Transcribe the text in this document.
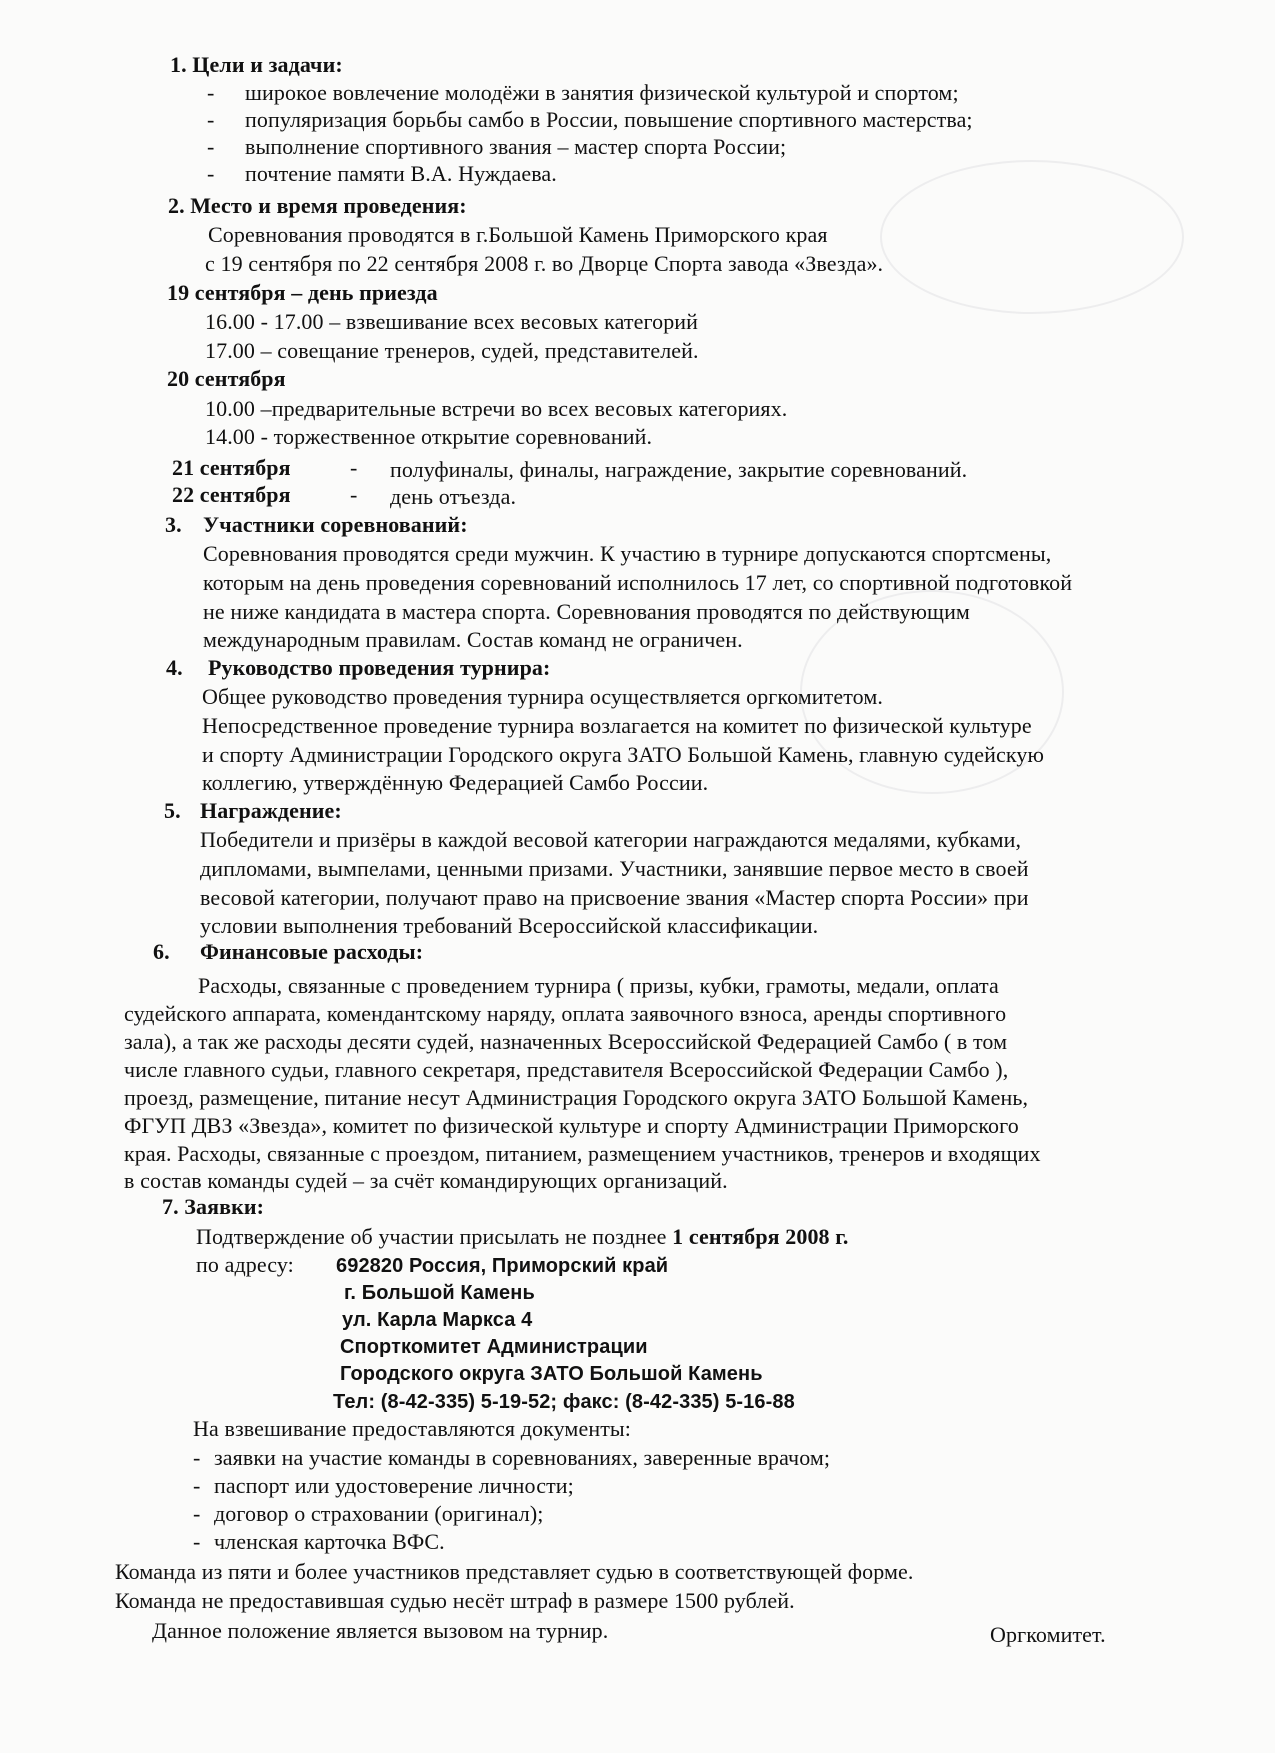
1. Цели и задачи:
- широкое вовлечение молодёжи в занятия физической культурой и спортом;
- популяризация борьбы самбо в России, повышение спортивного мастерства;
- выполнение спортивного звания – мастер спорта России;
- почтение памяти В.А. Нуждаева.
2. Место и время проведения:
Соревнования проводятся в г.Большой Камень Приморского края
с 19 сентября по 22 сентября 2008 г. во Дворце Спорта завода «Звезда».
19 сентября – день приезда
16.00 - 17.00 – взвешивание всех весовых категорий
17.00 – совещание тренеров, судей, представителей.
20 сентября
10.00 –предварительные встречи во всех весовых категориях.
14.00 - торжественное открытие соревнований.
21 сентября	- полуфиналы, финалы, награждение, закрытие соревнований.
22 сентября	- день отъезда.
3. Участники соревнований:
Соревнования проводятся среди мужчин. К участию в турнире допускаются спортсмены,
которым на день проведения соревнований исполнилось 17 лет, со спортивной подготовкой
не ниже кандидата в мастера спорта. Соревнования проводятся по действующим
международным правилам. Состав команд не ограничен.
4. Руководство проведения турнира:
Общее руководство проведения турнира осуществляется оргкомитетом.
Непосредственное проведение турнира возлагается на комитет по физической культуре
и спорту Администрации Городского округа ЗАТО Большой Камень, главную судейскую
коллегию, утверждённую Федерацией Самбо России.
5. Награждение:
Победители и призёры в каждой весовой категории награждаются медалями, кубками,
дипломами, вымпелами, ценными призами. Участники, занявшие первое место в своей
весовой категории, получают право на присвоение звания «Мастер спорта России» при
условии выполнения требований Всероссийской классификации.
6. Финансовые расходы:
Расходы, связанные с проведением турнира ( призы, кубки, грамоты, медали, оплата
судейского аппарата, комендантскому наряду, оплата заявочного взноса, аренды спортивного
зала), а так же расходы десяти судей, назначенных Всероссийской Федерацией Самбо ( в том
числе главного судьи, главного секретаря, представителя Всероссийской Федерации Самбо ),
проезд, размещение, питание несут Администрация Городского округа ЗАТО Большой Камень,
ФГУП ДВЗ «Звезда», комитет по физической культуре и спорту Администрации Приморского
края. Расходы, связанные с проездом, питанием, размещением участников, тренеров и входящих
в состав команды судей – за счёт командирующих организаций.
7. Заявки:
Подтверждение об участии присылать не позднее 1 сентября 2008 г.
по адресу: 692820 Россия, Приморский край
г. Большой Камень
ул. Карла Маркса 4
Спорткомитет Администрации
Городского округа ЗАТО Большой Камень
Тел: (8-42-335) 5-19-52; факс: (8-42-335) 5-16-88
На взвешивание предоставляются документы:
- заявки на участие команды в соревнованиях, заверенные врачом;
- паспорт или удостоверение личности;
- договор о страховании (оригинал);
- членская карточка ВФС.
Команда из пяти и более участников представляет судью в соответствующей форме.
Команда не предоставившая судью несёт штраф в размере 1500 рублей.
Данное положение является вызовом на турнир.	Оргкомитет.
